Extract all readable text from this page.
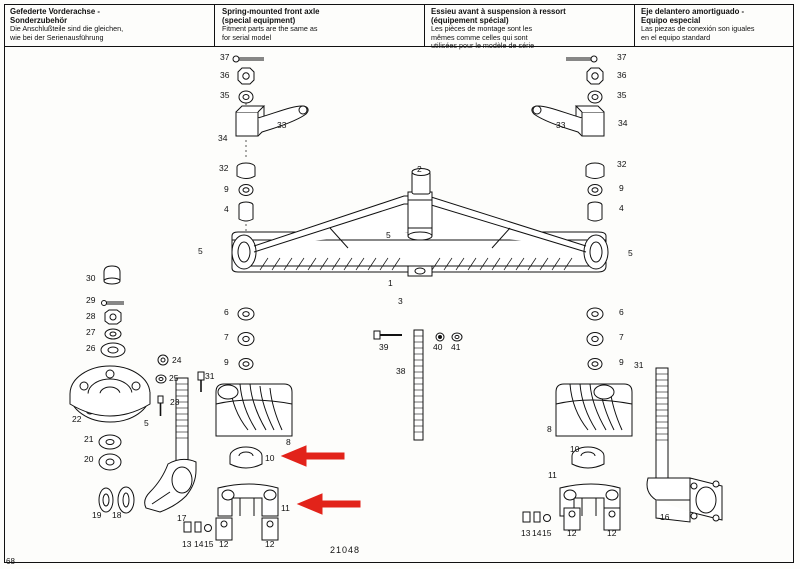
Gefederte Vorderachse -
Sonderzubehör
Die Anschlußteile sind die gleichen,
wie bei der Serienausführung
Spring-mounted front axle
(special equipment)
Fitment parts are the same as
for serial model
Essieu avant à suspension à ressort
(équipement spécial)
Les pièces de montage sont les
mêmes comme celles qui sont
utilisées pour le modèle de série
Eje delantero amortiguado -
Equipo especial
Las piezas de conexión son iguales
en el equipo standard
37
36
35
34
33
32
9
4
5
6
7
9 31
8
10
11
16
13 14 15 12	12
37
36
35
34
33
32
9
4
5
6
7
9
2
5
1
3
39
38
40 41
30
29
28
27
26
24
25	31
23
22	5
21
20
19 18	17
8
10
11
13 14 15 12	12
21048
68
